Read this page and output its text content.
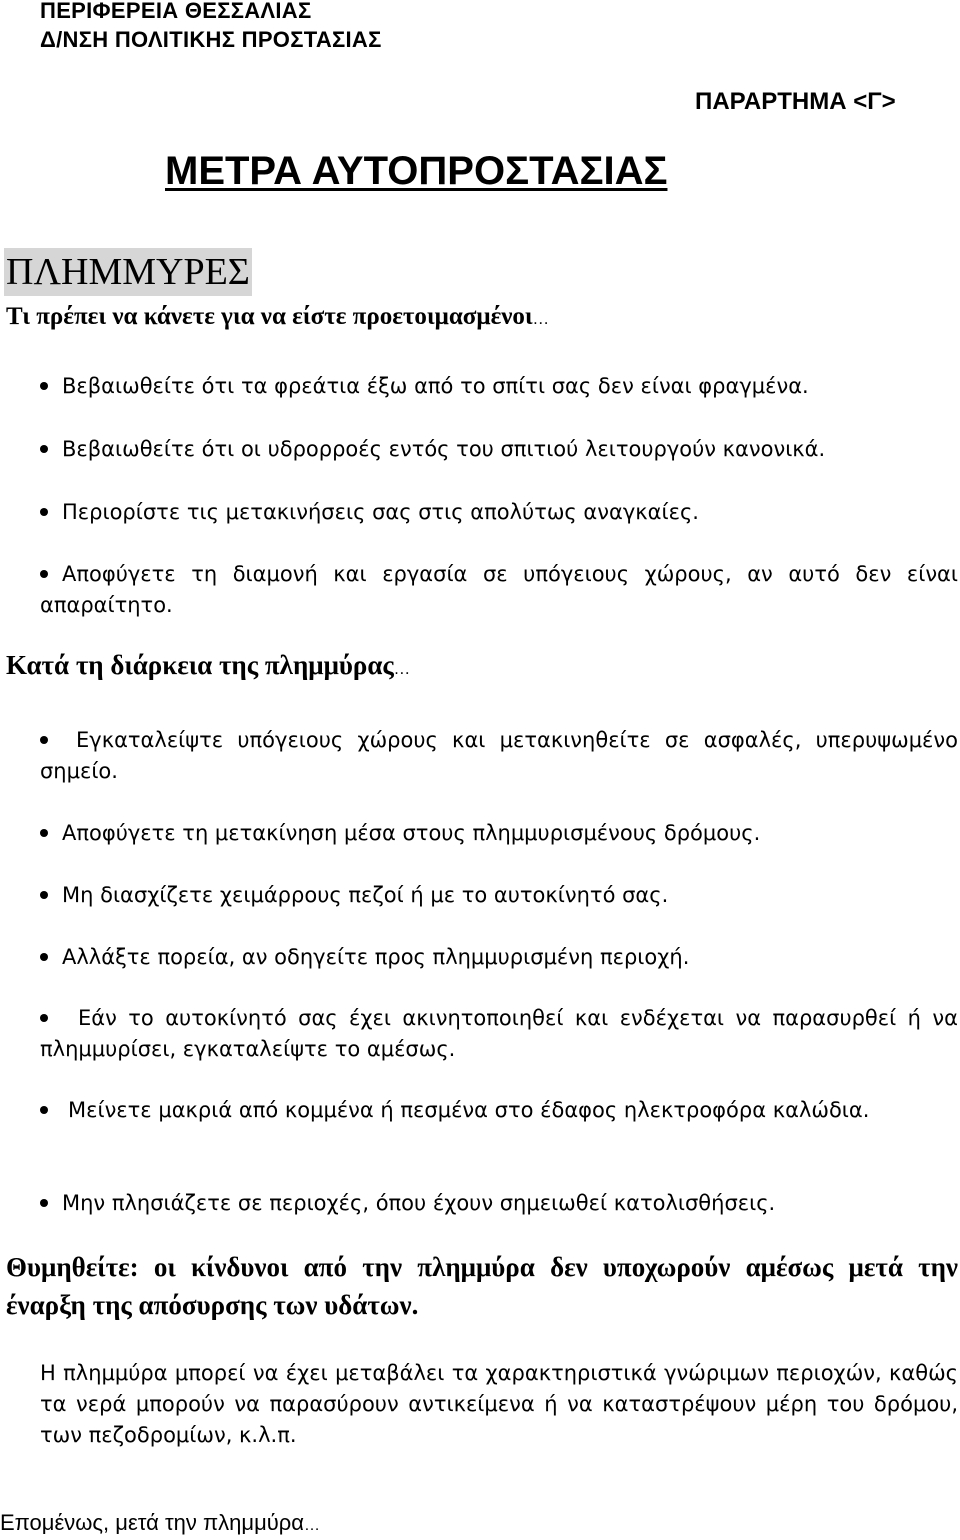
ΠΕΡΙΦΕΡΕΙΑ ΘΕΣΣΑΛΙΑΣ
Δ/ΝΣΗ ΠΟΛΙΤΙΚΗΣ ΠΡΟΣΤΑΣΙΑΣ
ΠΑΡΑΡΤΗΜΑ <Γ>
ΜΕΤΡΑ ΑΥΤΟΠΡΟΣΤΑΣΙΑΣ
ΠΛΗΜΜΥΡΕΣ
Τι πρέπει να κάνετε για να είστε προετοιμασμένοι…
Βεβαιωθείτε ότι τα φρεάτια έξω από το σπίτι σας δεν είναι φραγμένα.
Βεβαιωθείτε ότι οι υδρορροές εντός του σπιτιού λειτουργούν κανονικά.
Περιορίστε τις μετακινήσεις σας στις απολύτως αναγκαίες.
Αποφύγετε τη διαμονή και εργασία σε υπόγειους χώρους, αν αυτό δεν είναι απαραίτητο.
Κατά τη διάρκεια της πλημμύρας…
Εγκαταλείψτε υπόγειους χώρους και μετακινηθείτε σε ασφαλές, υπερυψωμένο σημείο.
Αποφύγετε τη μετακίνηση μέσα στους πλημμυρισμένους δρόμους.
Μη διασχίζετε χειμάρρους πεζοί ή με το αυτοκίνητό σας.
Αλλάξτε πορεία, αν οδηγείτε προς πλημμυρισμένη περιοχή.
Εάν το αυτοκίνητό σας έχει ακινητοποιηθεί και ενδέχεται να παρασυρθεί ή να πλημμυρίσει, εγκαταλείψτε το αμέσως.
Μείνετε μακριά από κομμένα ή πεσμένα στο έδαφος ηλεκτροφόρα καλώδια.
Μην πλησιάζετε σε περιοχές, όπου έχουν σημειωθεί κατολισθήσεις.
Θυμηθείτε: οι κίνδυνοι από την πλημμύρα δεν υποχωρούν αμέσως μετά την έναρξη της απόσυρσης των υδάτων.
Η πλημμύρα μπορεί να έχει μεταβάλει τα χαρακτηριστικά γνώριμων περιοχών, καθώς τα νερά μπορούν να παρασύρουν αντικείμενα ή να καταστρέψουν μέρη του δρόμου, των πεζοδρομίων, κ.λ.π.
Επομένως, μετά την πλημμύρα…
